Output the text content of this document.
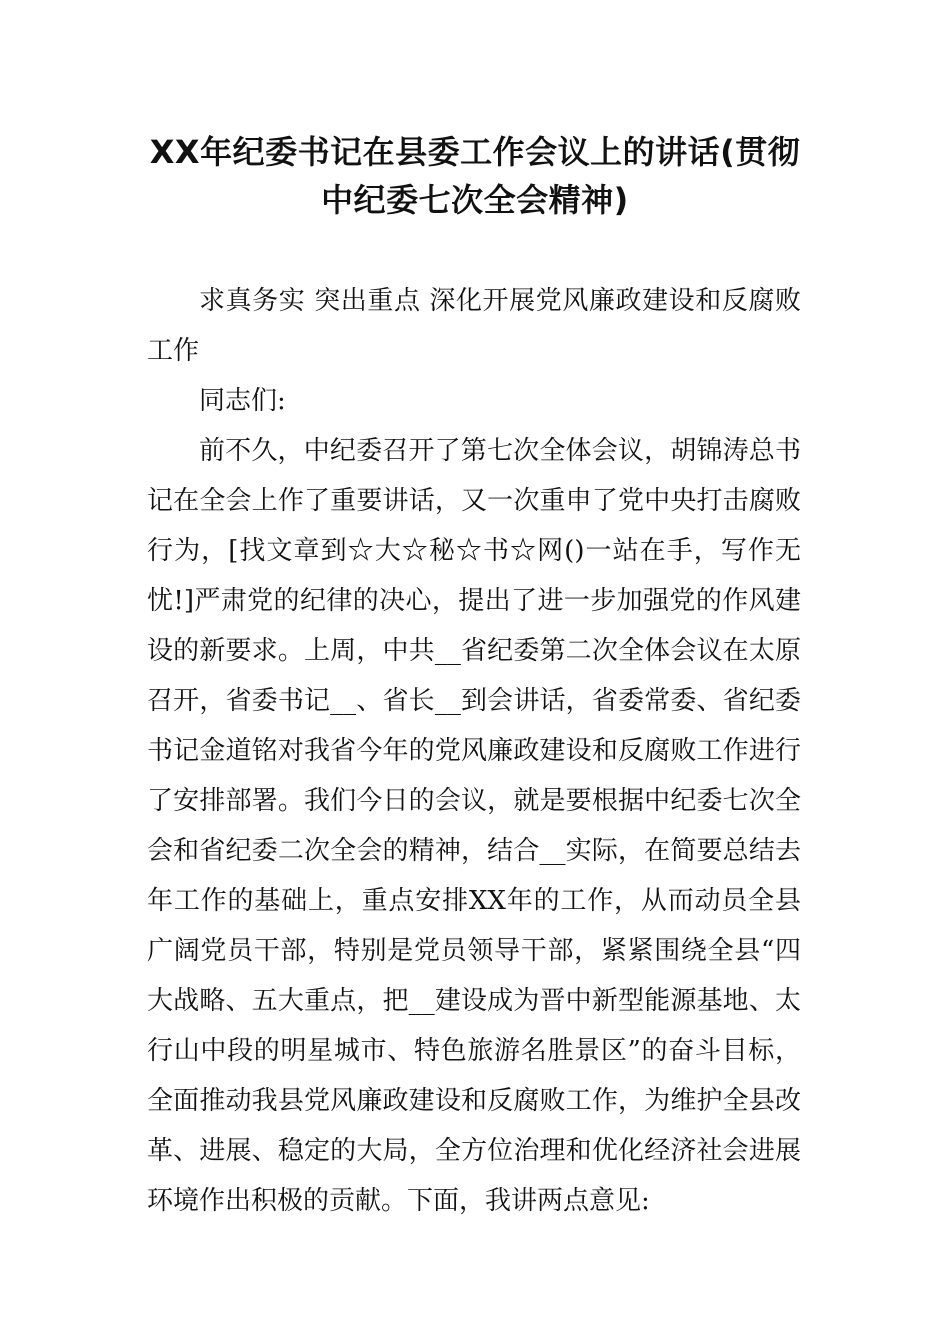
XX年纪委书记在县委工作会议上的讲话(贯彻中纪委七次全会精神)

求真务实 突出重点 深化开展党风廉政建设和反腐败工作

同志们:

前不久，中纪委召开了第七次全体会议，胡锦涛总书记在全会上作了重要讲话，又一次重申了党中央打击腐败行为，[找文章到☆大☆秘☆书☆网()一站在手，写作无忧!]严肃党的纪律的决心，提出了进一步加强党的作风建设的新要求。上周，中共__省纪委第二次全体会议在太原召开，省委书记__、省长__到会讲话，省委常委、省纪委书记金道铭对我省今年的党风廉政建设和反腐败工作进行了安排部署。我们今日的会议，就是要根据中纪委七次全会和省纪委二次全会的精神，结合__实际，在简要总结去年工作的基础上，重点安排XX年的工作，从而动员全县广阔党员干部，特别是党员领导干部，紧紧围绕全县“四大战略、五大重点，把__建设成为晋中新型能源基地、太行山中段的明星城市、特色旅游名胜景区”的奋斗目标，全面推动我县党风廉政建设和反腐败工作，为维护全县改革、进展、稳定的大局，全方位治理和优化经济社会进展环境作出积极的贡献。下面，我讲两点意见:
